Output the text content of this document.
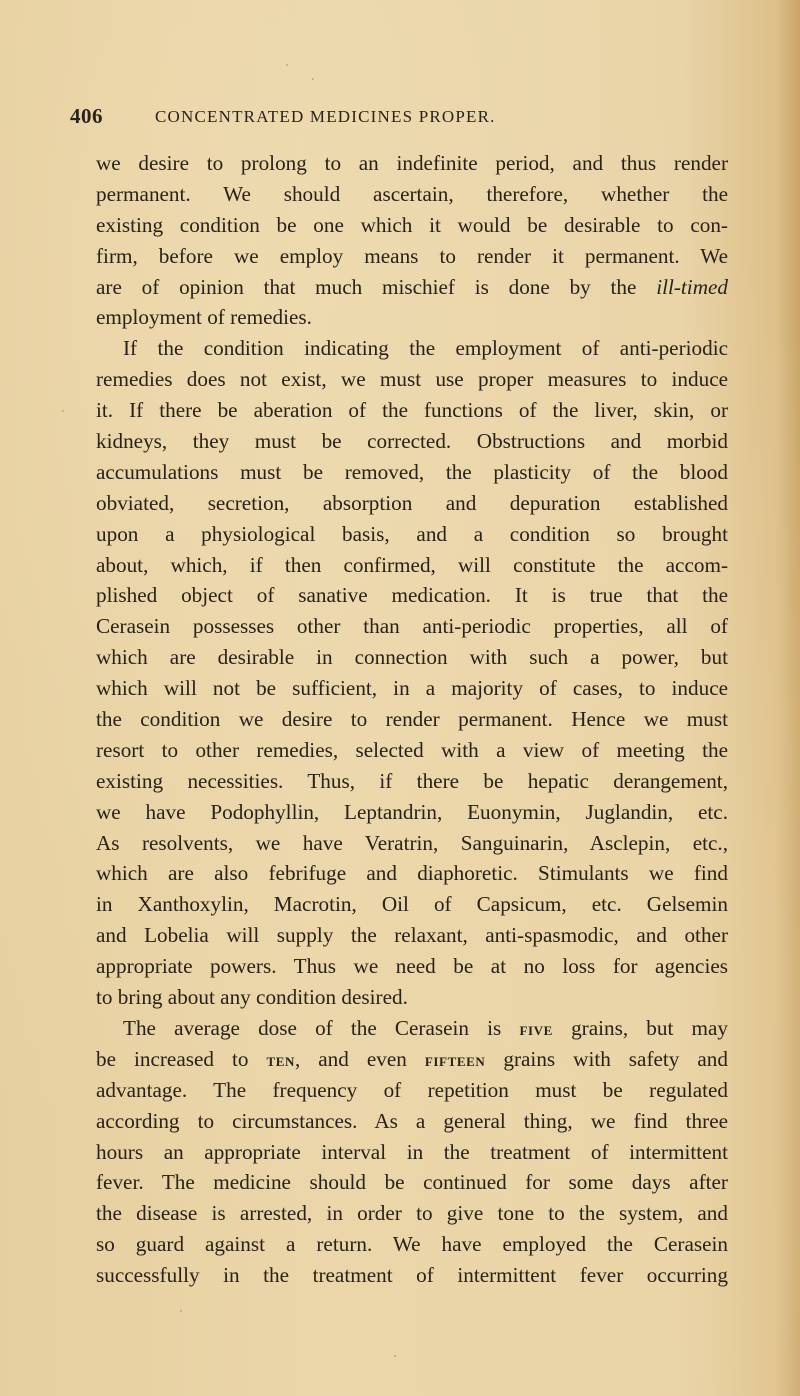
406	CONCENTRATED MEDICINES PROPER.
we desire to prolong to an indefinite period, and thus render
permanent. We should ascertain, therefore, whether the
existing condition be one which it would be desirable to con-
firm, before we employ means to render it permanent. We
are of opinion that much mischief is done by the ill-timed
employment of remedies.
If the condition indicating the employment of anti-periodic
remedies does not exist, we must use proper measures to induce
it. If there be aberation of the functions of the liver, skin, or
kidneys, they must be corrected. Obstructions and morbid
accumulations must be removed, the plasticity of the blood
obviated, secretion, absorption and depuration established
upon a physiological basis, and a condition so brought
about, which, if then confirmed, will constitute the accom-
plished object of sanative medication. It is true that the
Cerasein possesses other than anti-periodic properties, all of
which are desirable in connection with such a power, but
which will not be sufficient, in a majority of cases, to induce
the condition we desire to render permanent. Hence we must
resort to other remedies, selected with a view of meeting the
existing necessities. Thus, if there be hepatic derangement,
we have Podophyllin, Leptandrin, Euonymin, Juglandin, etc.
As resolvents, we have Veratrin, Sanguinarin, Asclepin, etc.,
which are also febrifuge and diaphoretic. Stimulants we find
in Xanthoxylin, Macrotin, Oil of Capsicum, etc. Gelsemin
and Lobelia will supply the relaxant, anti-spasmodic, and other
appropriate powers. Thus we need be at no loss for agencies
to bring about any condition desired.
The average dose of the Cerasein is five grains, but may
be increased to ten, and even fifteen grains with safety and
advantage. The frequency of repetition must be regulated
according to circumstances. As a general thing, we find three
hours an appropriate interval in the treatment of intermittent
fever. The medicine should be continued for some days after
the disease is arrested, in order to give tone to the system, and
so guard against a return. We have employed the Cerasein
successfully in the treatment of intermittent fever occurring
